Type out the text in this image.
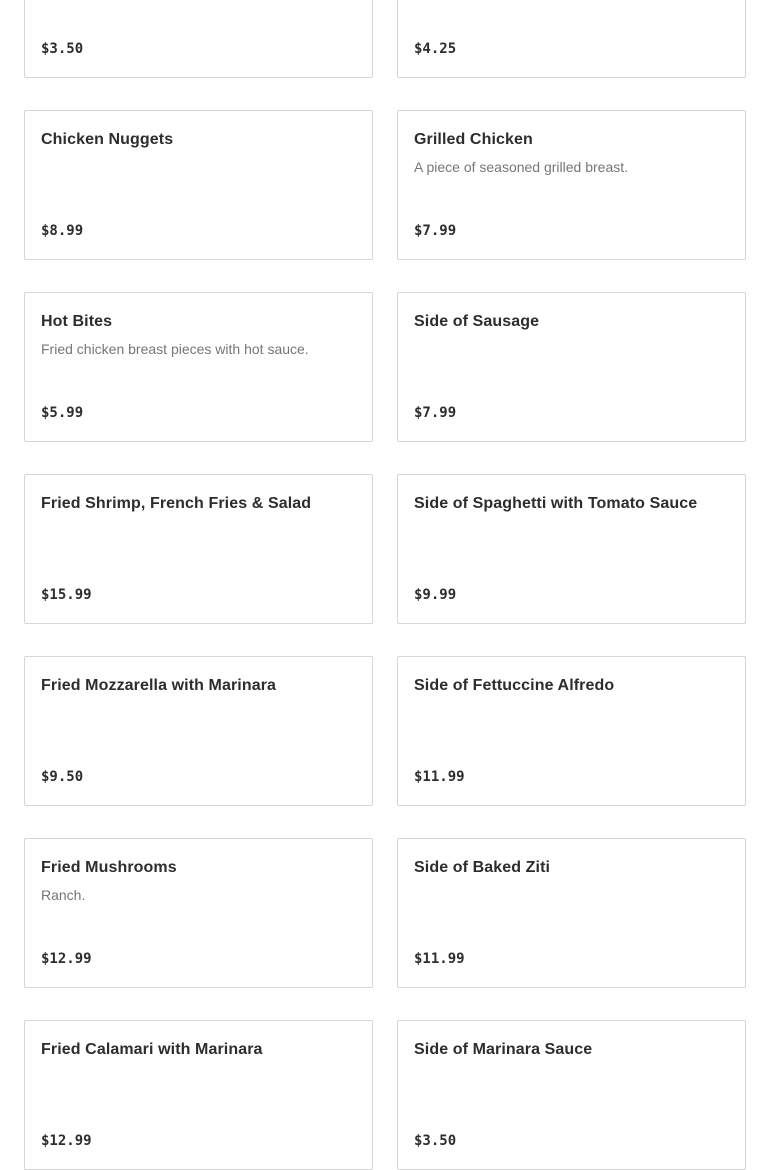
$3.50	$4.25
Chicken Nuggets
$8.99
Grilled Chicken
A piece of seasoned grilled breast.
$7.99
Hot Bites
Fried chicken breast pieces with hot sauce.
$5.99
Side of Sausage
$7.99
Fried Shrimp, French Fries & Salad
$15.99
Side of Spaghetti with Tomato Sauce
$9.99
Fried Mozzarella with Marinara
$9.50
Side of Fettuccine Alfredo
$11.99
Fried Mushrooms
Ranch.
$12.99
Side of Baked Ziti
$11.99
Fried Calamari with Marinara
$12.99
Side of Marinara Sauce
$3.50
